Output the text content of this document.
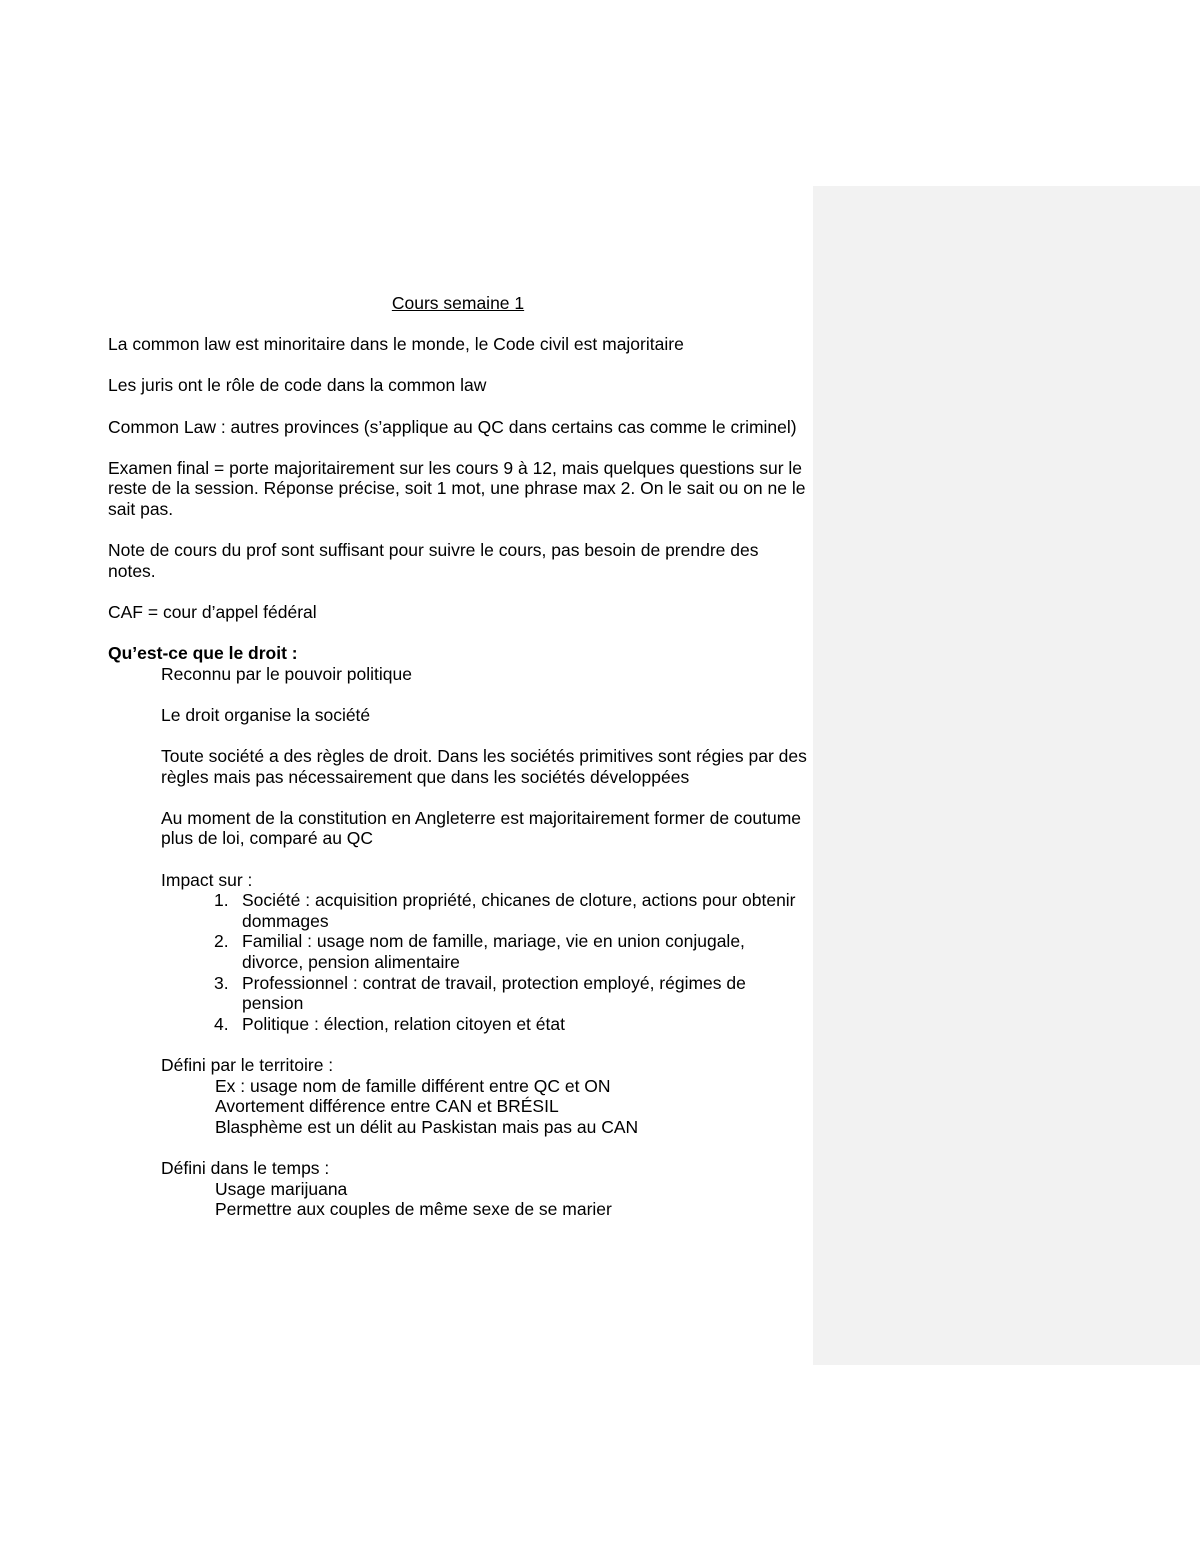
Cours semaine 1

La common law est minoritaire dans le monde, le Code civil est majoritaire

Les juris ont le rôle de code dans la common law

Common Law : autres provinces (s’applique au QC dans certains cas comme le criminel)

Examen final = porte majoritairement sur les cours 9 à 12, mais quelques questions sur le reste de la session. Réponse précise, soit 1 mot, une phrase max 2. On le sait ou on ne le sait pas.

Note de cours du prof sont suffisant pour suivre le cours, pas besoin de prendre des notes.

CAF = cour d’appel fédéral

Qu’est-ce que le droit :

Reconnu par le pouvoir politique

Le droit organise la société

Toute société a des règles de droit. Dans les sociétés primitives sont régies par des règles mais pas nécessairement que dans les sociétés développées

Au moment de la constitution en Angleterre est majoritairement former de coutume plus de loi, comparé au QC

Impact sur :
1. Société : acquisition propriété, chicanes de cloture, actions pour obtenir dommages
2. Familial : usage nom de famille, mariage, vie en union conjugale, divorce, pension alimentaire
3. Professionnel : contrat de travail, protection employé, régimes de pension
4. Politique : élection, relation citoyen et état
Défini par le territoire :
Ex : usage nom de famille différent entre QC et ON
Avortement différence entre CAN et BRÉSIL
Blasphème est un délit au Paskistan mais pas au CAN
Défini dans le temps :
Usage marijuana
Permettre aux couples de même sexe de se marier
